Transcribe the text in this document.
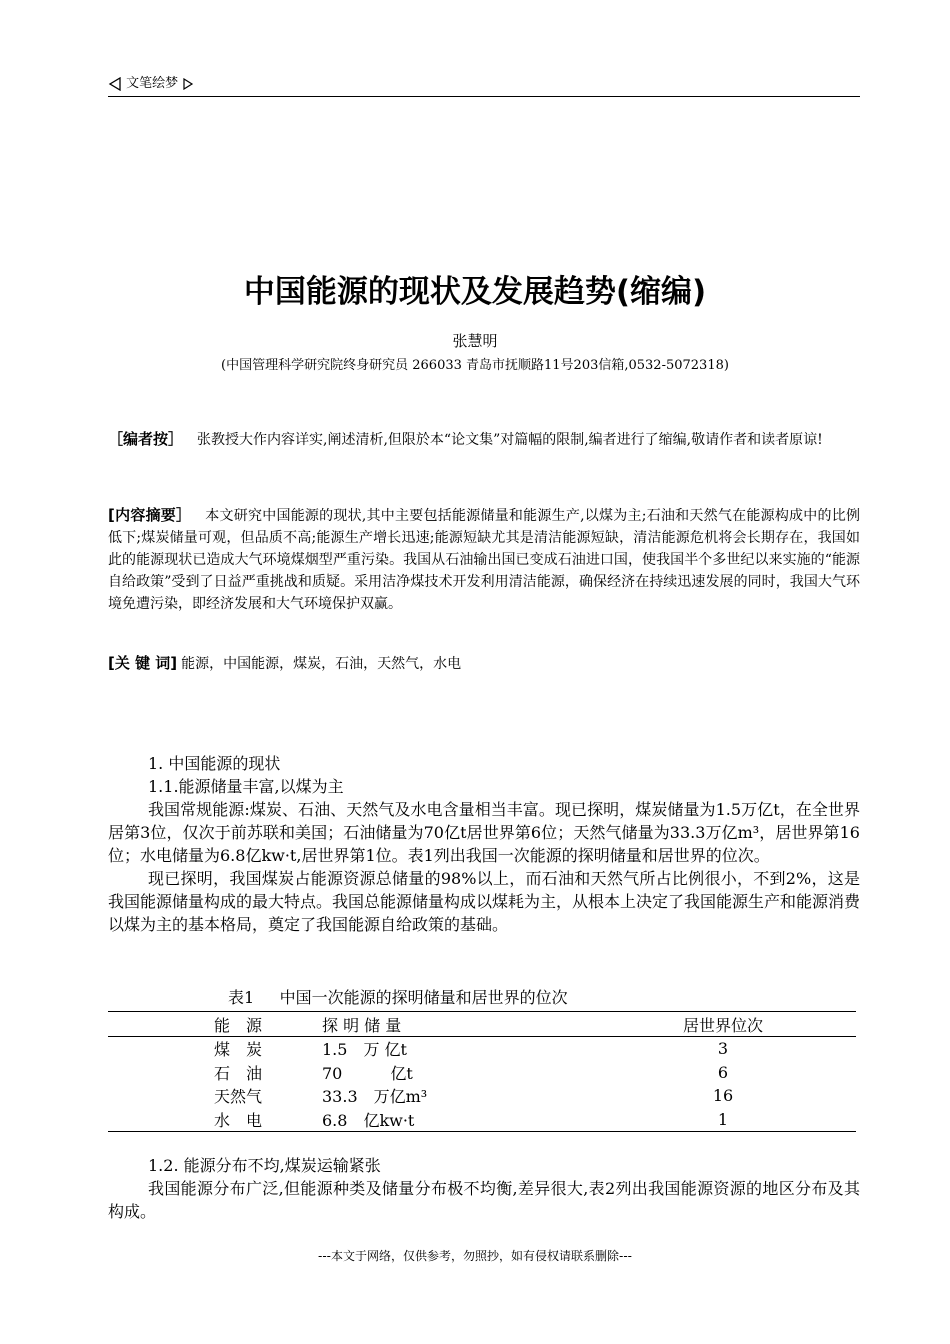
文笔绘梦
中国能源的现状及发展趋势(缩编)
张慧明
(中国管理科学研究院终身研究员 266033 青岛市抚顺路11号203信箱,0532-5072318)
［编者按］ 张教授大作内容详实,阐述清析,但限於本“论文集”对篇幅的限制,编者进行了缩编,敬请作者和读者原谅!
[内容摘要］ 本文研究中国能源的现状,其中主要包括能源储量和能源生产,以煤为主;石油和天然气在能源构成中的比例低下;煤炭储量可观，但品质不高;能源生产增长迅速;能源短缺尤其是清洁能源短缺，清洁能源危机将会长期存在，我国如此的能源现状已造成大气环境煤烟型严重污染。我国从石油输出国已变成石油进口国，使我国半个多世纪以来实施的“能源自给政策”受到了日益严重挑战和质疑。采用洁净煤技术开发利用清洁能源，确保经济在持续迅速发展的同时，我国大气环境免遭污染，即经济发展和大气环境保护双赢。
[关 键 词] 能源，中国能源，煤炭，石油，天然气，水电
1. 中国能源的现状
1.1.能源储量丰富,以煤为主
我国常规能源:煤炭、石油、天然气及水电含量相当丰富。现已探明，煤炭储量为1.5万亿t，在全世界居第3位，仅次于前苏联和美国；石油储量为70亿t居世界第6位；天然气储量为33.3万亿m³，居世界第16位；水电储量为6.8亿kw·t,居世界第1位。表1列出我国一次能源的探明储量和居世界的位次。
现已探明，我国煤炭占能源资源总储量的98%以上，而石油和天然气所占比例很小，不到2%，这是我国能源储量构成的最大特点。我国总能源储量构成以煤耗为主，从根本上决定了我国能源生产和能源消费以煤为主的基本格局，奠定了我国能源自给政策的基础。
表1 中国一次能源的探明储量和居世界的位次
能　源	探 明 储 量	居世界位次
煤　炭	1.5　万 亿t	3
石　油	70　　　亿t	6
天然气	33.3　万亿m³	16
水　电	6.8　亿kw·t	1
1.2. 能源分布不均,煤炭运输紧张
我国能源分布广泛,但能源种类及储量分布极不均衡,差异很大,表2列出我国能源资源的地区分布及其构成。
---本文于网络，仅供参考，勿照抄，如有侵权请联系删除---
